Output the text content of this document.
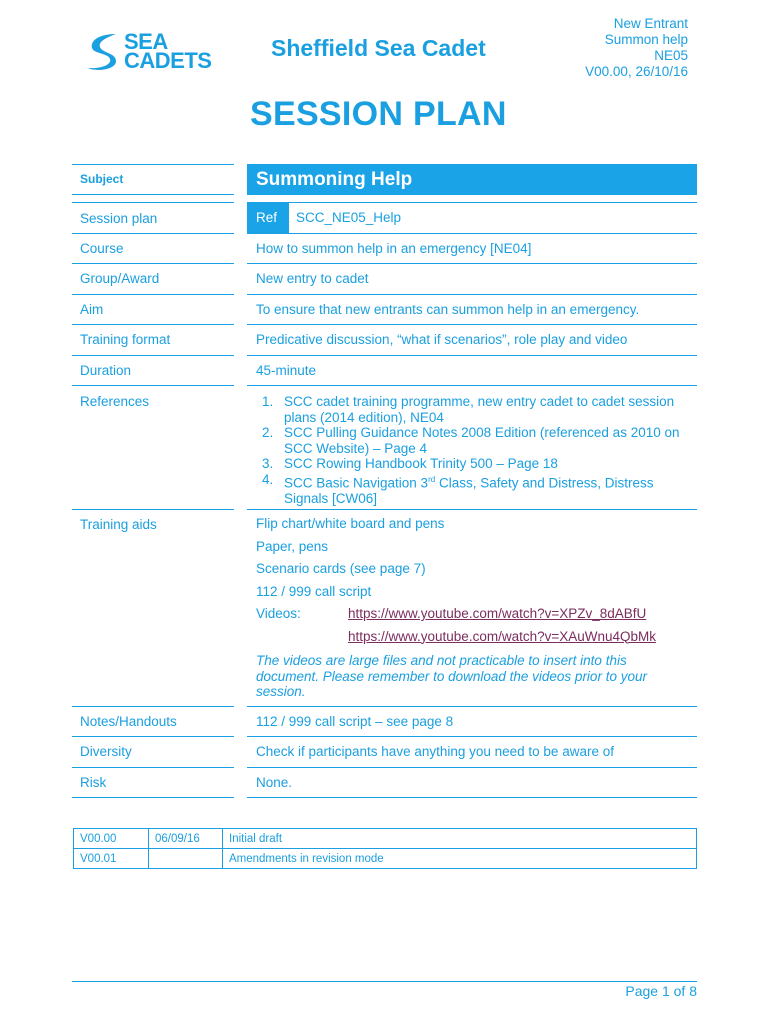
SEA
CADETS	Sheffield Sea Cadet
New Entrant
Summon help
NE05
V00.00, 26/10/16
SESSION PLAN
Subject	Summoning Help
Session plan	Ref	SCC_NE05_Help
Course	How to summon help in an emergency [NE04]
Group/Award	New entry to cadet
Aim	To ensure that new entrants can summon help in an emergency.
Training format	Predicative discussion, “what if scenarios”, role play and video
Duration	45-minute
References	1. SCC cadet training programme, new entry cadet to cadet session plans (2014 edition), NE04
2. SCC Pulling Guidance Notes 2008 Edition (referenced as 2010 on SCC Website) – Page 4
3. SCC Rowing Handbook Trinity 500 – Page 18
4. SCC Basic Navigation 3rd Class, Safety and Distress, Distress Signals [CW06]
Training aids	Flip chart/white board and pens
Paper, pens
Scenario cards (see page 7)
112 / 999 call script
Videos:	https://www.youtube.com/watch?v=XPZv_8dABfU
https://www.youtube.com/watch?v=XAuWnu4QbMk
The videos are large files and not practicable to insert into this document. Please remember to download the videos prior to your session.
Notes/Handouts	112 / 999 call script – see page 8
Diversity	Check if participants have anything you need to be aware of
Risk	None.
V00.00	06/09/16	Initial draft
V00.01		Amendments in revision mode
Page 1 of 8
